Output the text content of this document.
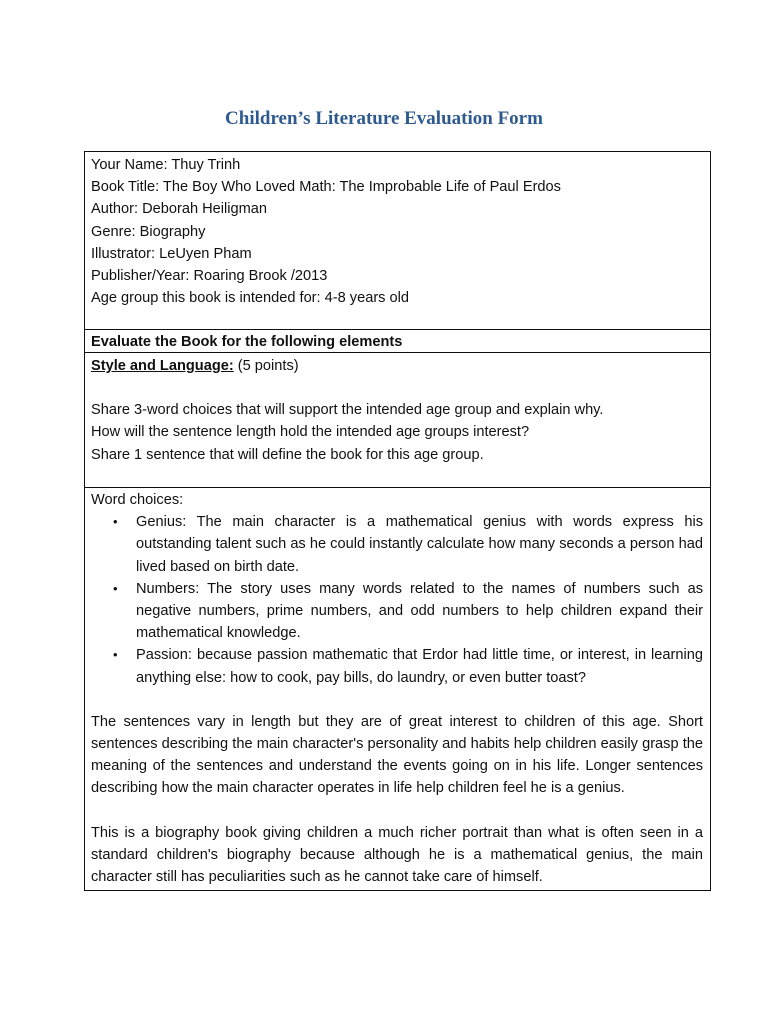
Children’s Literature Evaluation Form
Your Name: Thuy Trinh
Book Title: The Boy Who Loved Math: The Improbable Life of Paul Erdos
Author: Deborah Heiligman
Genre: Biography
Illustrator: LeUyen Pham
Publisher/Year: Roaring Brook /2013
Age group this book is intended for: 4-8 years old
Evaluate the Book for the following elements
Style and Language: (5 points)
Share 3-word choices that will support the intended age group and explain why.
How will the sentence length hold the intended age groups interest?
Share 1 sentence that will define the book for this age group.
Word choices:
• Genius: The main character is a mathematical genius with words express his outstanding talent such as he could instantly calculate how many seconds a person had lived based on birth date.
• Numbers: The story uses many words related to the names of numbers such as negative numbers, prime numbers, and odd numbers to help children expand their mathematical knowledge.
• Passion: because passion mathematic that Erdor had little time, or interest, in learning anything else: how to cook, pay bills, do laundry, or even butter toast?

The sentences vary in length but they are of great interest to children of this age. Short sentences describing the main character's personality and habits help children easily grasp the meaning of the sentences and understand the events going on in his life. Longer sentences describing how the main character operates in life help children feel he is a genius.

This is a biography book giving children a much richer portrait than what is often seen in a standard children's biography because although he is a mathematical genius, the main character still has peculiarities such as he cannot take care of himself.
